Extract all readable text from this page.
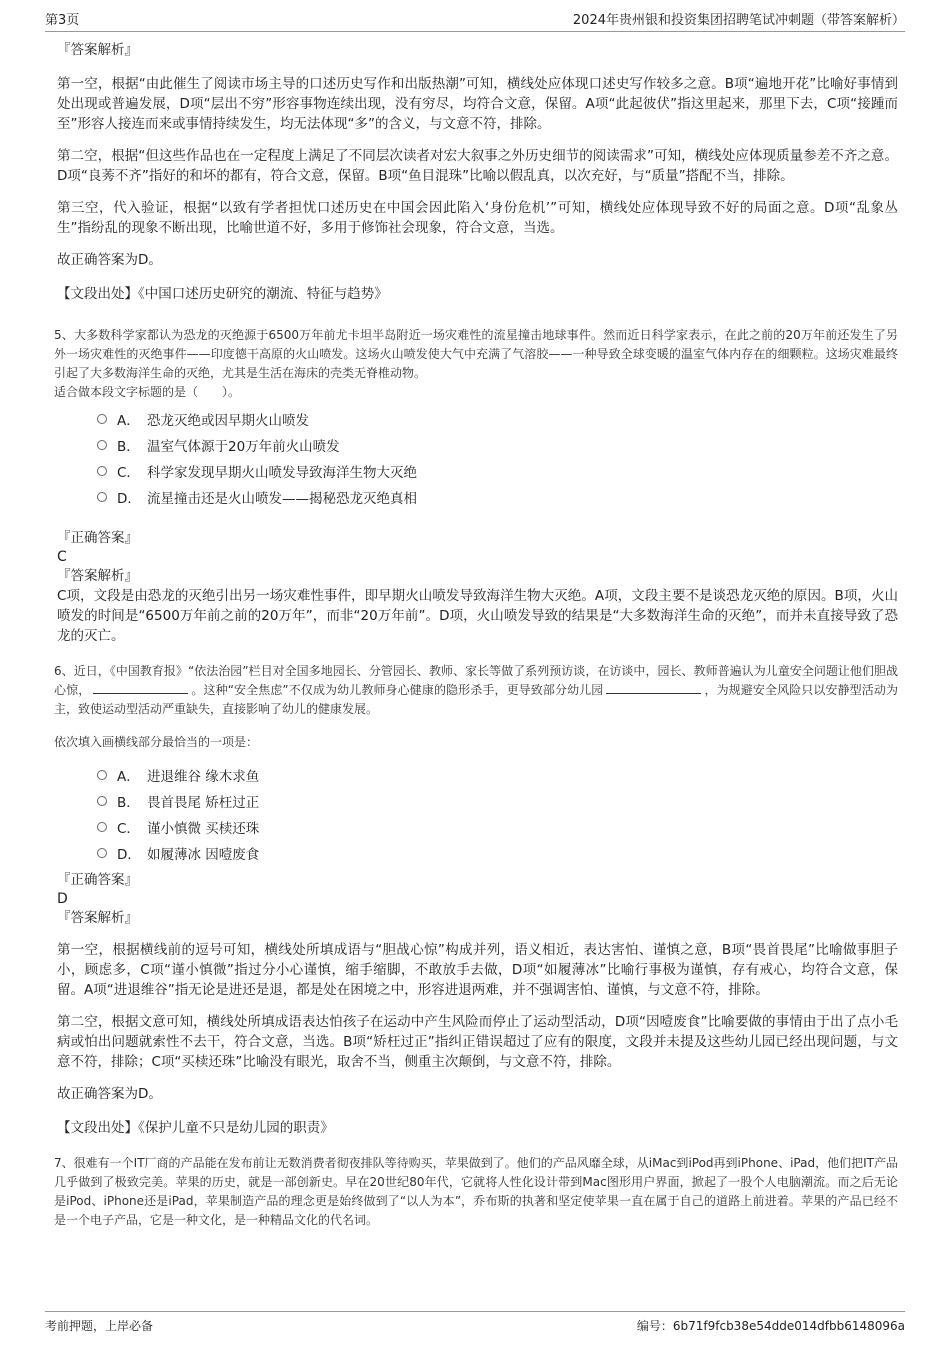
第3页	2024年贵州银和投资集团招聘笔试冲刺题（带答案解析）
『答案解析』
第一空，根据“由此催生了阅读市场主导的口述历史写作和出版热潮”可知，横线处应体现口述史写作较多之意。B项“遍地开花”比喻好事情到处出现或普遍发展，D项“层出不穷”形容事物连续出现，没有穷尽，均符合文意，保留。A项“此起彼伏”指这里起来，那里下去，C项“接踵而至”形容人接连而来或事情持续发生，均无法体现“多”的含义，与文意不符，排除。
第二空，根据“但这些作品也在一定程度上满足了不同层次读者对宏大叙事之外历史细节的阅读需求”可知，横线处应体现质量参差不齐之意。D项“良莠不齐”指好的和坏的都有，符合文意，保留。B项“鱼目混珠”比喻以假乱真，以次充好，与“质量”搭配不当，排除。
第三空，代入验证，根据“以致有学者担忧口述历史在中国会因此陷入‘身份危机’”可知，横线处应体现导致不好的局面之意。D项“乱象丛生”指纷乱的现象不断出现，比喻世道不好，多用于修饰社会现象，符合文意，当选。
故正确答案为D。
【文段出处】《中国口述历史研究的潮流、特征与趋势》
5、大多数科学家都认为恐龙的灭绝源于6500万年前尤卡坦半岛附近一场灾难性的流星撞击地球事件。然而近日科学家表示，在此之前的20万年前还发生了另外一场灾难性的灭绝事件——印度德干高原的火山喷发。这场火山喷发使大气中充满了气溶胶——一种导致全球变暖的温室气体内存在的细颗粒。这场灾难最终引起了大多数海洋生命的灭绝，尤其是生活在海床的壳类无脊椎动物。
适合做本段文字标题的是（　　）。
A． 恐龙灭绝或因早期火山喷发
B． 温室气体源于20万年前火山喷发
C． 科学家发现早期火山喷发导致海洋生物大灭绝
D． 流星撞击还是火山喷发——揭秘恐龙灭绝真相
『正确答案』
C
『答案解析』
C项，文段是由恐龙的灭绝引出另一场灾难性事件，即早期火山喷发导致海洋生物大灭绝。A项，文段主要不是谈恐龙灭绝的原因。B项，火山喷发的时间是“6500万年前之前的20万年”，而非“20万年前”。D项，火山喷发导致的结果是“大多数海洋生命的灭绝”，而并未直接导致了恐龙的灭亡。
6、近日，《中国教育报》“依法治园”栏目对全国多地园长、分管园长、教师、家长等做了系列预访谈，在访谈中，园长、教师普遍认为儿童安全问题让他们胆战心惊，	。这种“安全焦虑”不仅成为幼儿教师身心健康的隐形杀手，更导致部分幼儿园	，为规避安全风险只以安静型活动为主，致使运动型活动严重缺失，直接影响了幼儿的健康发展。
依次填入画横线部分最恰当的一项是：
A． 进退维谷 缘木求鱼
B． 畏首畏尾 矫枉过正
C． 谨小慎微 买椟还珠
D． 如履薄冰 因噎废食
『正确答案』
D
『答案解析』
第一空，根据横线前的逗号可知，横线处所填成语与“胆战心惊”构成并列，语义相近，表达害怕、谨慎之意，B项“畏首畏尾”比喻做事胆子小，顾虑多，C项“谨小慎微”指过分小心谨慎，缩手缩脚，不敢放手去做，D项“如履薄冰”比喻行事极为谨慎，存有戒心，均符合文意，保留。A项“进退维谷”指无论是进还是退，都是处在困境之中，形容进退两难，并不强调害怕、谨慎，与文意不符，排除。
第二空，根据文意可知，横线处所填成语表达怕孩子在运动中产生风险而停止了运动型活动，D项“因噎废食”比喻要做的事情由于出了点小毛病或怕出问题就索性不去干，符合文意，当选。B项“矫枉过正”指纠正错误超过了应有的限度，文段并未提及这些幼儿园已经出现问题，与文意不符，排除；C项“买椟还珠”比喻没有眼光，取舍不当，侧重主次颠倒，与文意不符，排除。
故正确答案为D。
【文段出处】《保护儿童不只是幼儿园的职责》
7、很难有一个IT厂商的产品能在发布前让无数消费者彻夜排队等待购买，苹果做到了。他们的产品风靡全球，从iMac到iPod再到iPhone、iPad，他们把IT产品几乎做到了极致完美。苹果的历史，就是一部创新史。早在20世纪80年代，它就将人性化设计带到Mac图形用户界面，掀起了一股个人电脑潮流。而之后无论是iPod、iPhone还是iPad，苹果制造产品的理念更是始终做到了“以人为本”，乔布斯的执著和坚定使苹果一直在属于自己的道路上前进着。苹果的产品已经不是一个电子产品，它是一种文化，是一种精品文化的代名词。
考前押题，上岸必备	编号：6b71f9fcb38e54dde014dfbb6148096a
